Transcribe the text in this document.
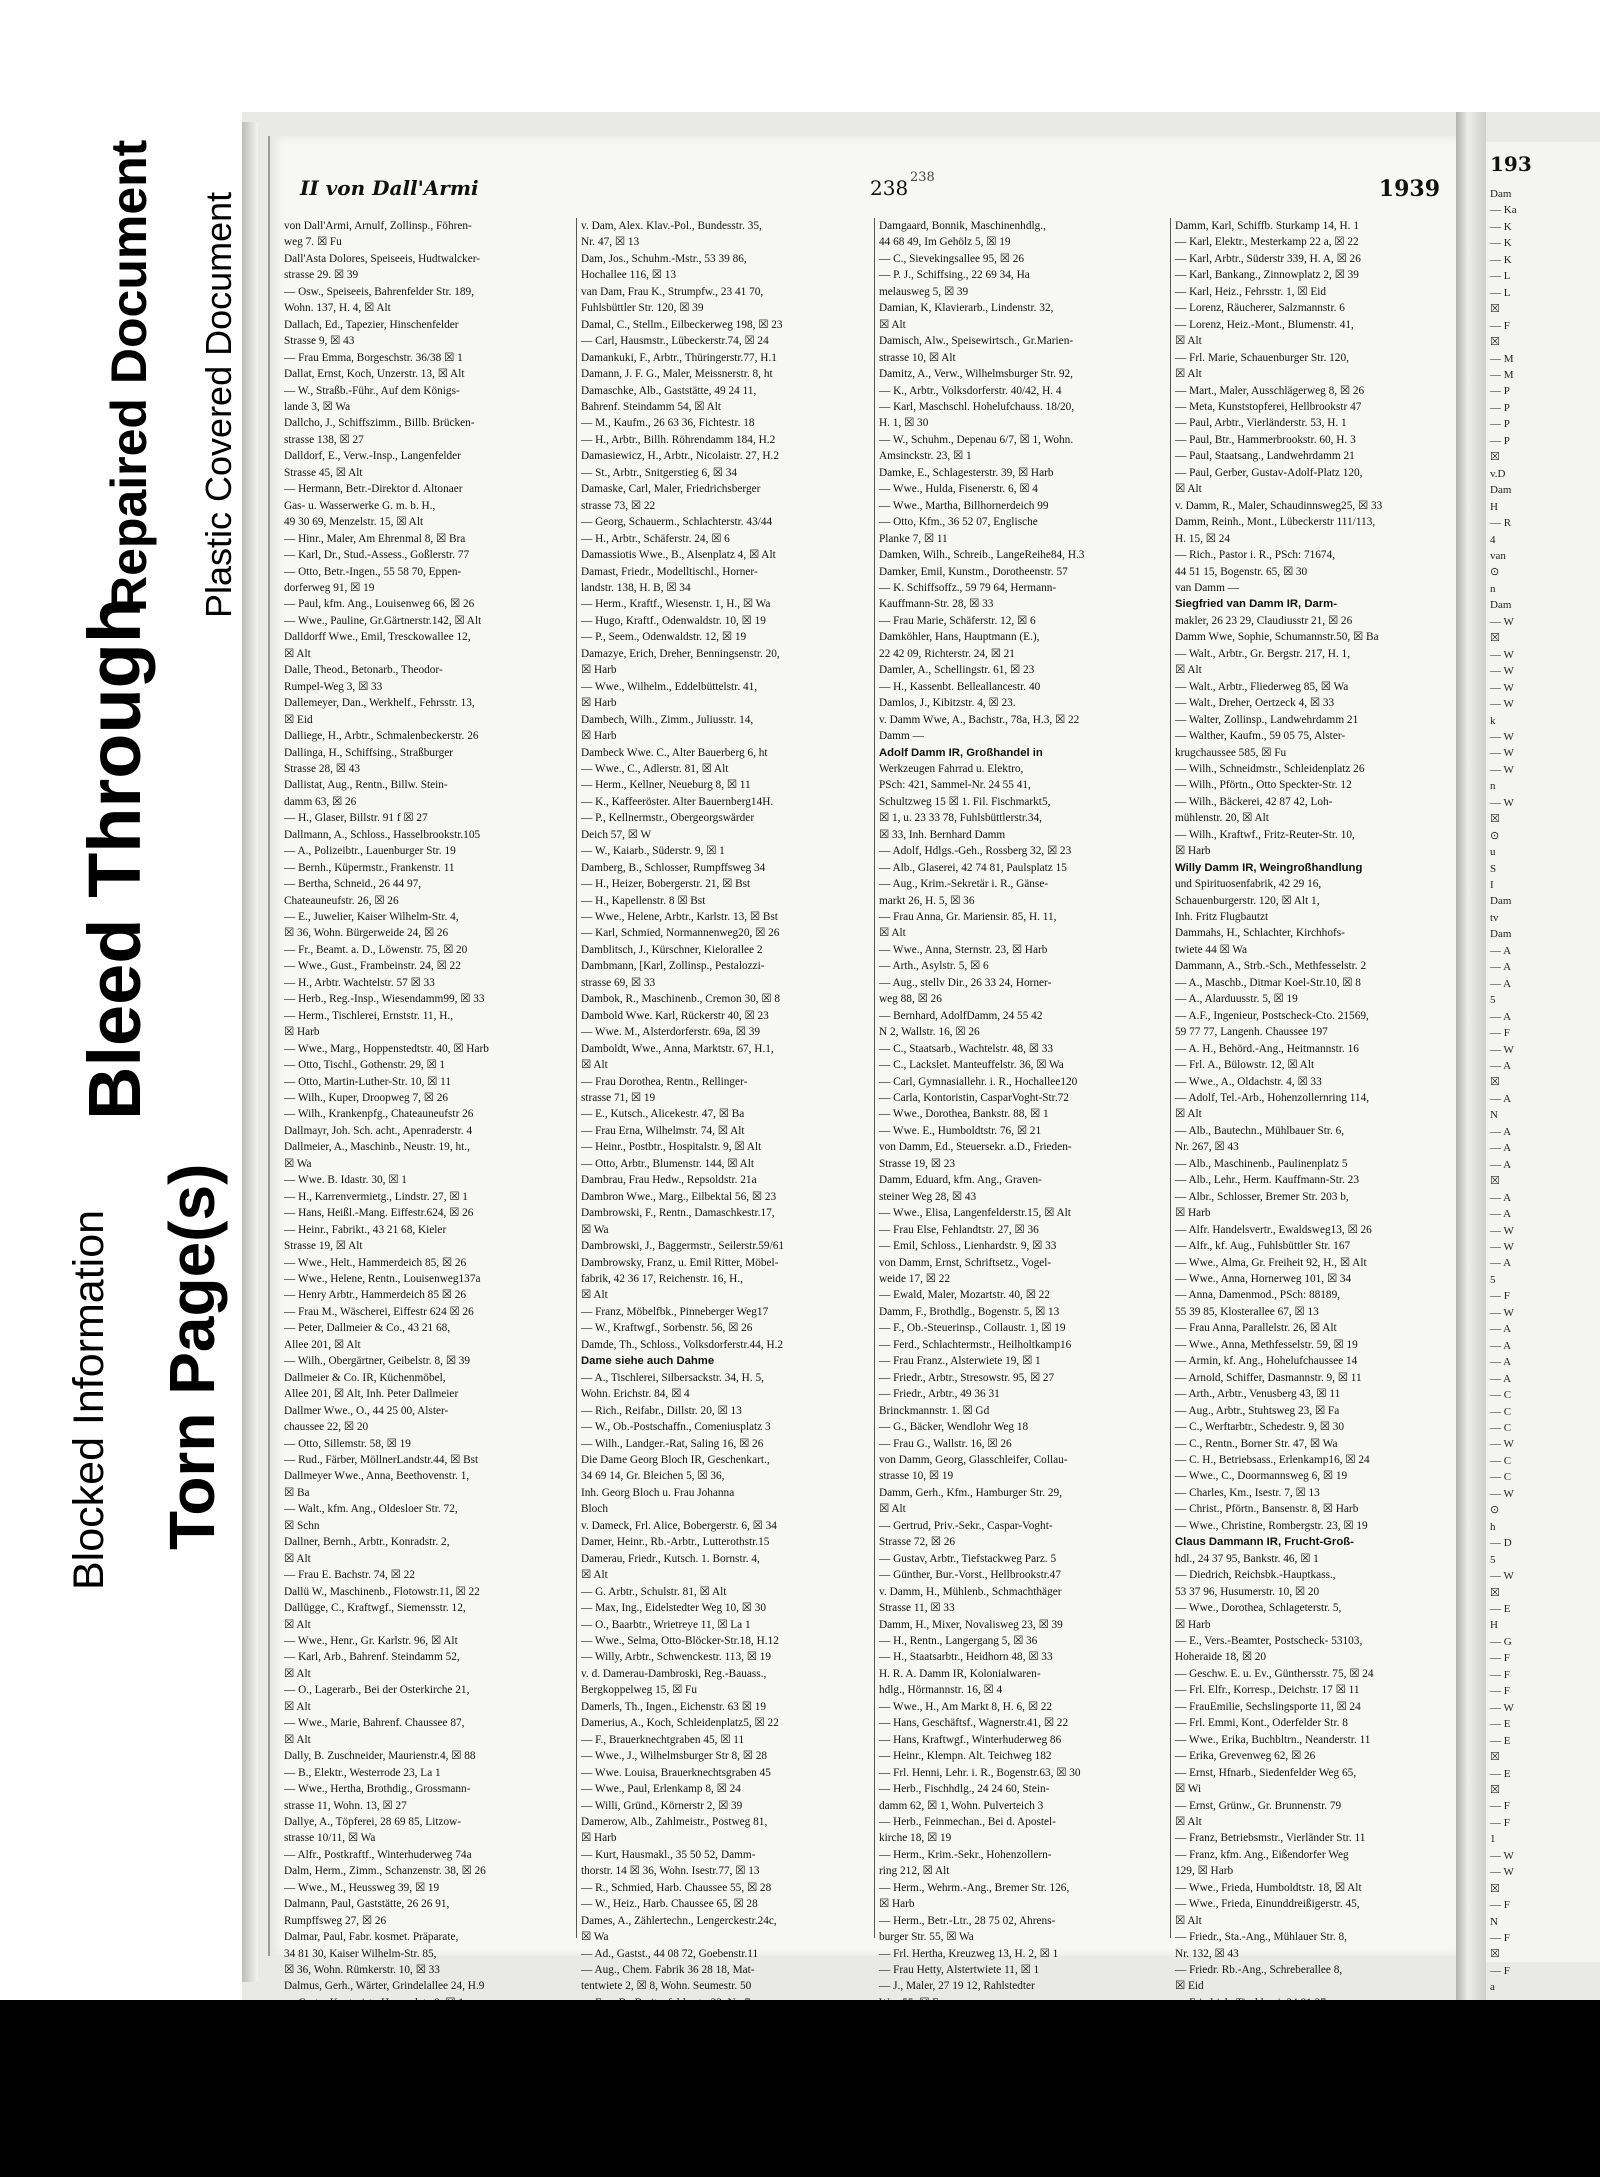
Blocked Information
Bleed Through
Torn Page(s)
Repaired Document Plastic Covered Document
238
II von Dall'Armi	238	1939
von Dall'Armi, Arnulf, Zollinsp., Föhren-
weg 7. ☒ Fu
Dall'Asta Dolores, Speiseeis, Hudtwalcker-
strasse 29. ☒ 39
— Osw., Speiseeis, Bahrenfelder Str. 189,
Wohn. 137, H. 4, ☒ Alt
Dallach, Ed., Tapezier, Hinschenfelder
Strasse 9, ☒ 43
— Frau Emma, Borgeschstr. 36/38 ☒ 1
Dallat, Ernst, Koch, Unzerstr. 13, ☒ Alt
— W., Straßb.-Führ., Auf dem Königs-
lande 3, ☒ Wa
Dallcho, J., Schiffszimm., Billb. Brücken-
strasse 138, ☒ 27
Dalldorf, E., Verw.-Insp., Langenfelder
Strasse 45, ☒ Alt
— Hermann, Betr.-Direktor d. Altonaer
Gas- u. Wasserwerke G. m. b. H.,
49 30 69, Menzelstr. 15, ☒ Alt
— Hinr., Maler, Am Ehrenmal 8, ☒ Bra
— Karl, Dr., Stud.-Assess., Goßlerstr. 77
— Otto, Betr.-Ingen., 55 58 70, Eppen-
dorferweg 91, ☒ 19
— Paul, kfm. Ang., Louisenweg 66, ☒ 26
— Wwe., Pauline, Gr.Gärtnerstr.142, ☒ Alt
Dalldorff Wwe., Emil, Tresckowallee 12,
☒ Alt
Dalle, Theod., Betonarb., Theodor-
Rumpel-Weg 3, ☒ 33
Dallemeyer, Dan., Werkhelf., Fehrsstr. 13,
☒ Eid
Dalliege, H., Arbtr., Schmalenbeckerstr. 26
Dallinga, H., Schiffsing., Straßburger
Strasse 28, ☒ 43
Dallistat, Aug., Rentn., Billw. Stein-
damm 63, ☒ 26
— H., Glaser, Billstr. 91 f ☒ 27
Dallmann, A., Schloss., Hasselbrookstr.105
— A., Polizeibtr., Lauenburger Str. 19
— Bernh., Küpermstr., Frankenstr. 11
— Bertha, Schneid., 26 44 97,
Chateauneufstr. 26, ☒ 26
— E., Juwelier, Kaiser Wilhelm-Str. 4,
☒ 36, Wohn. Bürgerweide 24, ☒ 26
— Fr., Beamt. a. D., Löwenstr. 75, ☒ 20
— Wwe., Gust., Frambeinstr. 24, ☒ 22
— H., Arbtr. Wachtelstr. 57 ☒ 33
— Herb., Reg.-Insp., Wiesendamm99, ☒ 33
— Herm., Tischlerei, Ernststr. 11, H.,
☒ Harb
— Wwe., Marg., Hoppenstedtstr. 40, ☒ Harb
— Otto, Tischl., Gothenstr. 29, ☒ 1
— Otto, Martin-Luther-Str. 10, ☒ 11
— Wilh., Kuper, Droopweg 7, ☒ 26
— Wilh., Krankenpfg., Chateauneufstr 26
Dallmayr, Joh. Sch. acht., Apenraderstr. 4
Dallmeier, A., Maschinb., Neustr. 19, ht.,
☒ Wa
— Wwe. B. Idastr. 30, ☒ 1
— H., Karrenvermietg., Lindstr. 27, ☒ 1
— Hans, Heißl.-Mang. Eiffestr.624, ☒ 26
— Heinr., Fabrikt., 43 21 68, Kieler
Strasse 19, ☒ Alt
— Wwe., Helt., Hammerdeich 85, ☒ 26
— Wwe., Helene, Rentn., Louisenweg137a
— Henry Arbtr., Hammerdeich 85 ☒ 26
— Frau M., Wäscherei, Eiffestr 624 ☒ 26
— Peter, Dallmeier & Co., 43 21 68,
Allee 201, ☒ Alt
— Wilh., Obergärtner, Geibelstr. 8, ☒ 39
Dallmeier & Co. IR, Küchenmöbel,
Allee 201, ☒ Alt, Inh. Peter Dallmeier
Dallmer Wwe., O., 44 25 00, Alster-
chaussee 22, ☒ 20
— Otto, Sillemstr. 58, ☒ 19
— Rud., Färber, MöllnerLandstr.44, ☒ Bst
Dallmeyer Wwe., Anna, Beethovenstr. 1,
☒ Ba
— Walt., kfm. Ang., Oldesloer Str. 72,
☒ Schn
Dallner, Bernh., Arbtr., Konradstr. 2,
☒ Alt
— Frau E. Bachstr. 74, ☒ 22
Dallü W., Maschinenb., Flotowstr.11, ☒ 22
Dallügge, C., Kraftwgf., Siemensstr. 12,
☒ Alt
— Wwe., Henr., Gr. Karlstr. 96, ☒ Alt
— Karl, Arb., Bahrenf. Steindamm 52,
☒ Alt
— O., Lagerarb., Bei der Osterkirche 21,
☒ Alt
— Wwe., Marie, Bahrenf. Chaussee 87,
☒ Alt
Dally, B. Zuschneider, Maurienstr.4, ☒ 88
— B., Elektr., Westerrode 23, La 1
— Wwe., Hertha, Brothdig., Grossmann-
strasse 11, Wohn. 13, ☒ 27
Dallye, A., Töpferei, 28 69 85, Litzow-
strasse 10/11, ☒ Wa
— Alfr., Postkraftf., Winterhuderweg 74a
Dalm, Herm., Zimm., Schanzenstr. 38, ☒ 26
— Wwe., M., Heussweg 39, ☒ 19
Dalmann, Paul, Gaststätte, 26 26 91,
Rumpffsweg 27, ☒ 26
Dalmar, Paul, Fabr. kosmet. Präparate,
34 81 30, Kaiser Wilhelm-Str. 85,
☒ 36, Wohn. Rümkerstr. 10, ☒ 33
Dalmus, Gerh., Wärter, Grindelallee 24, H.9
v. Dam, Alex. Klav.-Pol., Bundesstr. 35,
Nr. 47, ☒ 13
Dam, Jos., Schuhm.-Mstr., 53 39 86,
Hochallee 116, ☒ 13
van Dam, Frau K., Strumpfw., 23 41 70,
Fuhlsbüttler Str. 120, ☒ 39
Damal, C., Stellm., Eilbeckerweg 198, ☒ 23
— Carl, Hausmstr., Lübeckerstr.74, ☒ 24
Damankuki, F., Arbtr., Thüringerstr.77, H.1
Damann, J. F. G., Maler, Meissnerstr. 8, ht
Damaschke, Alb., Gaststätte, 49 24 11,
Bahrenf. Steindamm 54, ☒ Alt
— M., Kaufm., 26 63 36, Fichtestr. 18
— H., Arbtr., Billh. Röhrendamm 184, H.2
Damasiewicz, H., Arbtr., Nicolaistr. 27, H.2
— St., Arbtr., Snitgerstieg 6, ☒ 34
Damaske, Carl, Maler, Friedrichsberger
strasse 73, ☒ 22
— Georg, Schauerm., Schlachterstr. 43/44
— H., Arbtr., Schäferstr. 24, ☒ 6
Damassiotis Wwe., B., Alsenplatz 4, ☒ Alt
Damast, Friedr., Modelltischl., Horner-
landstr. 138, H. B, ☒ 34
— Herm., Kraftf., Wiesenstr. 1, H., ☒ Wa
— Hugo, Kraftf., Odenwaldstr. 10, ☒ 19
— P., Seem., Odenwaldstr. 12, ☒ 19
Damazye, Erich, Dreher, Benningsenstr. 20,
☒ Harb
— Wwe., Wilhelm., Eddelbüttelstr. 41,
☒ Harb
Dambech, Wilh., Zimm., Juliusstr. 14,
☒ Harb
Dambeck Wwe. C., Alter Bauerberg 6, ht
— Wwe., C., Adlerstr. 81, ☒ Alt
— Herm., Kellner, Neueburg 8, ☒ 11
— K., Kaffeeröster. Alter Bauernberg14H.
— P., Kellnermstr., Obergeorgswärder
Deich 57, ☒ W
— W., Kaiarb., Süderstr. 9, ☒ 1
Damberg, B., Schlosser, Rumpffsweg 34
— H., Heizer, Bobergerstr. 21, ☒ Bst
— H., Kapellenstr. 8 ☒ Bst
— Wwe., Helene, Arbtr., Karlstr. 13, ☒ Bst
— Karl, Schmied, Normannenweg20, ☒ 26
Damblitsch, J., Kürschner, Kielorallee 2
Dambmann, [Karl, Zollinsp., Pestalozzi-
strasse 69, ☒ 33
Dambok, R., Maschinenb., Cremon 30, ☒ 8
Dambold Wwe. Karl, Rückerstr 40, ☒ 23
— Wwe. M., Alsterdorferstr. 69a, ☒ 39
Damboldt, Wwe., Anna, Marktstr. 67, H.1,
☒ Alt
— Frau Dorothea, Rentn., Rellinger-
strasse 71, ☒ 19
— E., Kutsch., Alicekestr. 47, ☒ Ba
— Frau Erna, Wilhelmstr. 74, ☒ Alt
— Heinr., Postbtr., Hospitalstr. 9, ☒ Alt
— Otto, Arbtr., Blumenstr. 144, ☒ Alt
Dambrau, Frau Hedw., Repsoldstr. 21a
Dambron Wwe., Marg., Eilbektal 56, ☒ 23
Dambrowski, F., Rentn., Damaschkestr.17,
☒ Wa
Dambrowski, J., Baggermstr., Seilerstr.59/61
Dambrowsky, Franz, u. Emil Ritter, Möbel-
fabrik, 42 36 17, Reichenstr. 16, H.,
☒ Alt
— Franz, Möbelfbk., Pinneberger Weg17
— W., Kraftwgf., Sorbenstr. 56, ☒ 26
Damde, Th., Schloss., Volksdorferstr.44, H.2
Dame siehe auch Dahme
— A., Tischlerei, Silbersackstr. 34, H. 5,
Wohn. Erichstr. 84, ☒ 4
— Rich., Reifabr., Dillstr. 20, ☒ 13
— W., Ob.-Postschaffn., Comeniusplatz 3
— Wilh., Landger.-Rat, Saling 16, ☒ 26
Die Dame Georg Bloch IR, Geschenkart.,
34 69 14, Gr. Bleichen 5, ☒ 36,
Inh. Georg Bloch u. Frau Johanna
Bloch
v. Dameck, Frl. Alice, Bobergerstr. 6, ☒ 34
Damer, Heinr., Rb.-Arbtr., Lutterothstr.15
Damerau, Friedr., Kutsch. 1. Bornstr. 4,
☒ Alt
— G. Arbtr., Schulstr. 81, ☒ Alt
— Max, Ing., Eidelstedter Weg 10, ☒ 30
— O., Baarbtr., Wrietreye 11, ☒ La 1
— Wwe., Selma, Otto-Blöcker-Str.18, H.12
— Willy, Arbtr., Schwenckestr. 113, ☒ 19
v. d. Damerau-Dambroski, Reg.-Bauass.,
Bergkoppelweg 15, ☒ Fu
Damerls, Th., Ingen., Eichenstr. 63 ☒ 19
Damerius, A., Koch, Schleidenplatz5, ☒ 22
— F., Brauerknechtgraben 45, ☒ 11
— Wwe., J., Wilhelmsburger Str 8, ☒ 28
— Wwe. Louisa, Brauerknechtsgraben 45
— Wwe., Paul, Erlenkamp 8, ☒ 24
— Willi, Gründ., Körnerstr 2, ☒ 39
Damerow, Alb., Zahlmeistr., Postweg 81,
☒ Harb
— Kurt, Hausmakl., 35 50 52, Damm-
thorstr. 14 ☒ 36, Wohn. Isestr.77, ☒ 13
— R., Schmied, Harb. Chaussee 55, ☒ 28
— W., Heiz., Harb. Chaussee 65, ☒ 28
Dames, A., Zählertechn., Lengerckestr.24c,
☒ Wa
— Ad., Gastst., 44 08 72, Goebenstr.11
— Aug., Chem. Fabrik 36 28 18, Mat-
tentwiete 2, ☒ 8, Wohn. Seumestr. 50
Damgaard, Bonnik, Maschinenhdlg.,
44 68 49, Im Gehölz 5, ☒ 19
— C., Sievekingsallee 95, ☒ 26
— P. J., Schiffsing., 22 69 34, Ha
melausweg 5, ☒ 39
Damian, K, Klavierarb., Lindenstr. 32,
☒ Alt
Damisch, Alw., Speisewirtsch., Gr.Marien-
strasse 10, ☒ Alt
Damitz, A., Verw., Wilhelmsburger Str. 92,
— K., Arbtr., Volksdorferstr. 40/42, H. 4
— Karl, Maschschl. Hohelufchauss. 18/20,
H. 1, ☒ 30
— W., Schuhm., Depenau 6/7, ☒ 1, Wohn.
Amsinckstr. 23, ☒ 1
Damke, E., Schlagesterstr. 39, ☒ Harb
— Wwe., Hulda, Fisenerstr. 6, ☒ 4
— Wwe., Martha, Billhornerdeich 99
— Otto, Kfm., 36 52 07, Englische
Planke 7, ☒ 11
Damken, Wilh., Schreib., LangeReihe84, H.3
Damker, Emil, Kunstm., Dorotheenstr. 57
— K. Schiffsoffz., 59 79 64, Hermann-
Kauffmann-Str. 28, ☒ 33
— Frau Marie, Schäferstr. 12, ☒ 6
Damköhler, Hans, Hauptmann (E.),
22 42 09, Richterstr. 24, ☒ 21
Damler, A., Schellingstr. 61, ☒ 23
— H., Kassenbt. Belleallancestr. 40
Damlos, J., Kibitzstr. 4, ☒ 23.
v. Damm Wwe, A., Bachstr., 78a, H.3, ☒ 22
Damm —
Adolf Damm IR, Großhandel in
Werkzeugen Fahrrad u. Elektro,
PSch: 421, Sammel-Nr. 24 55 41,
Schultzweg 15 ☒ 1. Fil. Fischmarkt5,
☒ 1, u. 23 33 78, Fuhlsbüttlerstr.34,
☒ 33, Inh. Bernhard Damm
— Adolf, Hdlgs.-Geh., Rossberg 32, ☒ 23
— Alb., Glaserei, 42 74 81, Paulsplatz 15
— Aug., Krim.-Sekretär i. R., Gänse-
markt 26, H. 5, ☒ 36
— Frau Anna, Gr. Mariensir. 85, H. 11,
☒ Alt
— Wwe., Anna, Sternstr. 23, ☒ Harb
— Arth., Asylstr. 5, ☒ 6
— Aug., stellv Dir., 26 33 24, Horner-
weg 88, ☒ 26
— Bernhard, AdolfDamm, 24 55 42
N 2, Wallstr. 16, ☒ 26
— C., Staatsarb., Wachtelstr. 48, ☒ 33
— C., Lackslet. Manteuffelstr. 36, ☒ Wa
— Carl, Gymnasiallehr. i. R., Hochallee120
— Carla, Kontoristin, CasparVoght-Str.72
— Wwe., Dorothea, Bankstr. 88, ☒ 1
— Wwe. E., Humboldtstr. 76, ☒ 21
von Damm, Ed., Steuersekr. a.D., Frieden-
Strasse 19, ☒ 23
Damm, Eduard, kfm. Ang., Graven-
steiner Weg 28, ☒ 43
— Wwe., Elisa, Langenfelderstr.15, ☒ Alt
— Frau Else, Fehlandtstr. 27, ☒ 36
— Emil, Schloss., Lienhardstr. 9, ☒ 33
von Damm, Ernst, Schriftsetz., Vogel-
weide 17, ☒ 22
— Ewald, Maler, Mozartstr. 40, ☒ 22
Damm, F., Brothdlg., Bogenstr. 5, ☒ 13
— F., Ob.-Steuerinsp., Collaustr. 1, ☒ 19
— Ferd., Schlachtermstr., Heilholtkamp16
— Frau Franz., Alsterwiete 19, ☒ 1
— Friedr., Arbtr., Stresowstr. 95, ☒ 27
— Friedr., Arbtr., 49 36 31
Brinckmannstr. 1. ☒ Gd
— G., Bäcker, Wendlohr Weg 18
— Frau G., Wallstr. 16, ☒ 26
von Damm, Georg, Glasschleifer, Collau-
strasse 10, ☒ 19
Damm, Gerh., Kfm., Hamburger Str. 29,
☒ Alt
— Gertrud, Priv.-Sekr., Caspar-Voght-
Strasse 72, ☒ 26
— Gustav, Arbtr., Tiefstackweg Parz. 5
— Günther, Bur.-Vorst., Hellbrookstr.47
v. Damm, H., Mühlenb., Schmachthäger
Strasse 11, ☒ 33
Damm, H., Mixer, Novalisweg 23, ☒ 39
— H., Rentn., Langergang 5, ☒ 36
— H., Staatsarbtr., Heidhorn 48, ☒ 33
H. R. A. Damm IR, Kolonialwaren-
hdlg., Hörmannstr. 16, ☒ 4
— Wwe., H., Am Markt 8, H. 6, ☒ 22
— Hans, Geschäftsf., Wagnerstr.41, ☒ 22
— Hans, Kraftwgf., Winterhuderweg 86
— Heinr., Klempn. Alt. Teichweg 182
— Frl. Henni, Lehr. i. R., Bogenstr.63, ☒ 30
— Herb., Fischhdlg., 24 24 60, Stein-
damm 62, ☒ 1, Wohn. Pulverteich 3
— Herb., Feinmechan., Bei d. Apostel-
kirche 18, ☒ 19
— Herm., Krim.-Sekr., Hohenzollern-
ring 212, ☒ Alt
— Herm., Wehrm.-Ang., Bremer Str. 126,
☒ Harb
— Herm., Betr.-Ltr., 28 75 02, Ahrens-
burger Str. 55, ☒ Wa
— Frl. Hertha, Kreuzweg 13, H. 2, ☒ 1
— Frau Hetty, Alstertwiete 11, ☒ 1
— J., Maler, 27 19 12, Rahlstedter
Damm, Karl, Schiffb. Sturkamp 14, H. 1
— Karl, Elektr., Mesterkamp 22 a, ☒ 22
— Karl, Arbtr., Süderstr 339, H. A, ☒ 26
— Karl, Bankang., Zinnowplatz 2, ☒ 39
— Karl, Heiz., Fehrsstr. 1, ☒ Eid
— Lorenz, Räucherer, Salzmannstr. 6
— Lorenz, Heiz.-Mont., Blumenstr. 41,
☒ Alt
— Frl. Marie, Schauenburger Str. 120,
☒ Alt
— Mart., Maler, Ausschlägerweg 8, ☒ 26
— Meta, Kunststopferei, Hellbrookstr 47
— Paul, Arbtr., Vierländerstr. 53, H. 1
— Paul, Btr., Hammerbrookstr. 60, H. 3
— Paul, Staatsang., Landwehrdamm 21
— Paul, Gerber, Gustav-Adolf-Platz 120,
☒ Alt
v. Damm, R., Maler, Schaudinnsweg25, ☒ 33
Damm, Reinh., Mont., Lübeckerstr 111/113,
H. 15, ☒ 24
— Rich., Pastor i. R., PSch: 71674,
44 51 15, Bogenstr. 65, ☒ 30
van Damm —
Siegfried van Damm IR, Darm-
makler, 26 23 29, Claudiusstr 21, ☒ 26
Damm Wwe, Sophie, Schumannstr.50, ☒ Ba
— Walt., Arbtr., Gr. Bergstr. 217, H. 1,
☒ Alt
— Walt., Arbtr., Fliederweg 85, ☒ Wa
— Walt., Dreher, Oertzeck 4, ☒ 33
— Walter, Zollinsp., Landwehrdamm 21
— Walther, Kaufm., 59 05 75, Alster-
krugchaussee 585, ☒ Fu
— Wilh., Schneidmstr., Schleidenplatz 26
— Wilh., Pförtn., Otto Speckter-Str. 12
— Wilh., Bäckerei, 42 87 42, Loh-
mühlenstr. 20, ☒ Alt
— Wilh., Kraftwf., Fritz-Reuter-Str. 10,
☒ Harb
Willy Damm IR, Weingroßhandlung
und Spirituosenfabrik, 42 29 16,
Schauenburgerstr. 120, ☒ Alt 1,
Inh. Fritz Flugbautzt
Dammahs, H., Schlachter, Kirchhofs-
twiete 44 ☒ Wa
Dammann, A., Strb.-Sch., Methfesselstr. 2
— A., Maschb., Ditmar Koel-Str.10, ☒ 8
— A., Alarduusstr. 5, ☒ 19
— A.F., Ingenieur, Postscheck-Cto. 21569,
59 77 77, Langenh. Chaussee 197
— A. H., Behörd.-Ang., Heitmannstr. 16
— Frl. A., Bülowstr. 12, ☒ Alt
— Wwe., A., Oldachstr. 4, ☒ 33
— Adolf, Tel.-Arb., Hohenzollernring 114,
☒ Alt
— Alb., Bautechn., Mühlbauer Str. 6,
Nr. 267, ☒ 43
— Alb., Maschinenb., Paulinenplatz 5
— Alb., Lehr., Herm. Kauffmann-Str. 23
— Albr., Schlosser, Bremer Str. 203 b,
☒ Harb
— Alfr. Handelsvertr., Ewaldsweg13, ☒ 26
— Alfr., kf. Aug., Fuhlsbüttler Str. 167
— Wwe., Alma, Gr. Freiheit 92, H., ☒ Alt
— Wwe., Anna, Hornerweg 101, ☒ 34
— Anna, Damenmod., PSch: 88189,
55 39 85, Klosterallee 67, ☒ 13
— Frau Anna, Parallelstr. 26, ☒ Alt
— Wwe., Anna, Methfesselstr. 59, ☒ 19
— Armin, kf. Ang., Hohelufchaussee 14
— Arnold, Schiffer, Dasmannstr. 9, ☒ 11
— Arth., Arbtr., Venusberg 43, ☒ 11
— Aug., Arbtr., Stuhtsweg 23, ☒ Fa
— C., Werftarbtr., Schedestr. 9, ☒ 30
— C., Rentn., Borner Str. 47, ☒ Wa
— C. H., Betriebsass., Erlenkamp16, ☒ 24
— Wwe., C., Doormannsweg 6, ☒ 19
— Charles, Km., Isestr. 7, ☒ 13
— Christ., Pförtn., Bansenstr. 8, ☒ Harb
— Wwe., Christine, Rombergstr. 23, ☒ 19
Claus Dammann IR, Frucht-Groß-
hdl., 24 37 95, Bankstr. 46, ☒ 1
— Diedrich, Reichsbk.-Hauptkass.,
53 37 96, Husumerstr. 10, ☒ 20
— Wwe., Dorothea, Schlageterstr. 5,
☒ Harb
— E., Vers.-Beamter, Postscheck- 53103,
Hoheraide 18, ☒ 20
— Geschw. E. u. Ev., Günthersstr. 75, ☒ 24
— Frl. Elfr., Korresp., Deichstr. 17 ☒ 11
— FrauEmilie, Sechslingsporte 11, ☒ 24
— Frl. Emmi, Kont., Oderfelder Str. 8
— Wwe., Erika, Buchbltrn., Neanderstr. 11
— Erika, Grevenweg 62, ☒ 26
— Ernst, Hfnarb., Siedenfelder Weg 65,
☒ Wi
— Ernst, Grünw., Gr. Brunnenstr. 79
☒ Alt
— Franz, Betriebsmstr., Vierländer Str. 11
— Franz, kfm. Ang., Eißendorfer Weg
129, ☒ Harb
— Wwe., Frieda, Humboldtstr. 18, ☒ Alt
— Wwe., Frieda, Einunddreißigerstr. 45,
☒ Alt
— Friedr., Sta.-Ang., Mühlauer Str. 8,
Nr. 132, ☒ 43
— Friedr. Rb.-Ang., Schreberallee 8,
☒ Eid
193
Dam
— Ka
— K
— K
— K
— L
— L
☒
— F
☒
— M
— M
— P
— P
— P
— P
☒
v.D
Dam
H
— R
4
van
⊙
n
Dam
— W
☒
— W
— W
— W
— W
k
— W
— W
— W
n
— W
☒
⊙
u
S
I
Dam
tv
Dam
— A
— A
— A
5
— A
— F
— W
— A
☒
— A
N
— A
— A
— A
☒
— A
— A
— W
— W
— A
5
— F
— W
— A
— A
— A
— A
— C
— C
— C
— W
— C
— C
— W
⊙
h
— D
5
— W
☒
— E
H
— G
— F
— F
— F
— W
— E
— E
☒
— E
☒
— F
— F
1
— W
— W
☒
— F
N
— F
☒
— F
a
